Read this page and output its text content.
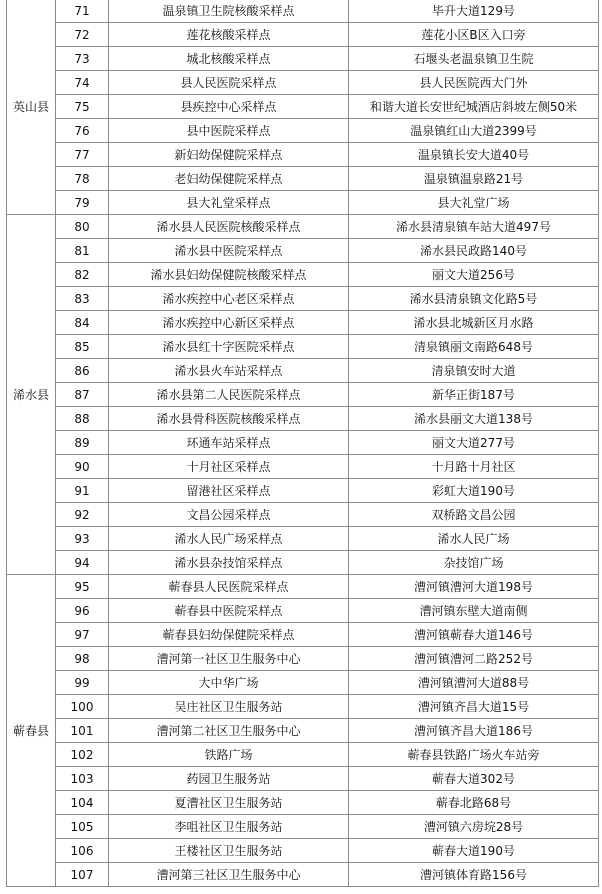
英山县	71	温泉镇卫生院核酸采样点	毕升大道129号
	72	莲花核酸采样点	莲花小区B区入口旁
	73	城北核酸采样点	石堰头老温泉镇卫生院
	74	县人民医院采样点	县人民医院西大门外
	75	县疾控中心采样点	和谐大道长安世纪城酒店斜坡左侧50米
	76	县中医院采样点	温泉镇红山大道2399号
	77	新妇幼保健院采样点	温泉镇长安大道40号
	78	老妇幼保健院采样点	温泉镇温泉路21号
	79	县大礼堂采样点	县大礼堂广场
浠水县	80	浠水县人民医院核酸采样点	浠水县清泉镇车站大道497号
	81	浠水县中医院采样点	浠水县民政路140号
	82	浠水县妇幼保健院核酸采样点	丽文大道256号
	83	浠水疾控中心老区采样点	浠水县清泉镇文化路5号
	84	浠水疾控中心新区采样点	浠水县北城新区月水路
	85	浠水县红十字医院采样点	清泉镇丽文南路648号
	86	浠水县火车站采样点	清泉镇安时大道
	87	浠水县第二人民医院采样点	新华正街187号
	88	浠水县骨科医院核酸采样点	浠水县丽文大道138号
	89	环通车站采样点	丽文大道277号
	90	十月社区采样点	十月路十月社区
	91	留港社区采样点	彩虹大道190号
	92	文昌公园采样点	双桥路文昌公园
	93	浠水人民广场采样点	浠水人民广场
	94	浠水县杂技馆采样点	杂技馆广场
蕲春县	95	蕲春县人民医院采样点	漕河镇漕河大道198号
	96	蕲春县中医院采样点	漕河镇东壁大道南侧
	97	蕲春县妇幼保健院采样点	漕河镇蕲春大道146号
	98	漕河第一社区卫生服务中心	漕河镇漕河二路252号
	99	大中华广场	漕河镇漕河大道88号
	100	吴庄社区卫生服务站	漕河镇齐昌大道15号
	101	漕河第二社区卫生服务中心	漕河镇齐昌大道186号
	102	铁路广场	蕲春县铁路广场火车站旁
	103	药园卫生服务站	蕲春大道302号
	104	夏漕社区卫生服务站	蕲春北路68号
	105	李咀社区卫生服务站	漕河镇六房垸28号
	106	王楼社区卫生服务站	蕲春大道190号
	107	漕河第三社区卫生服务中心	漕河镇体育路156号
